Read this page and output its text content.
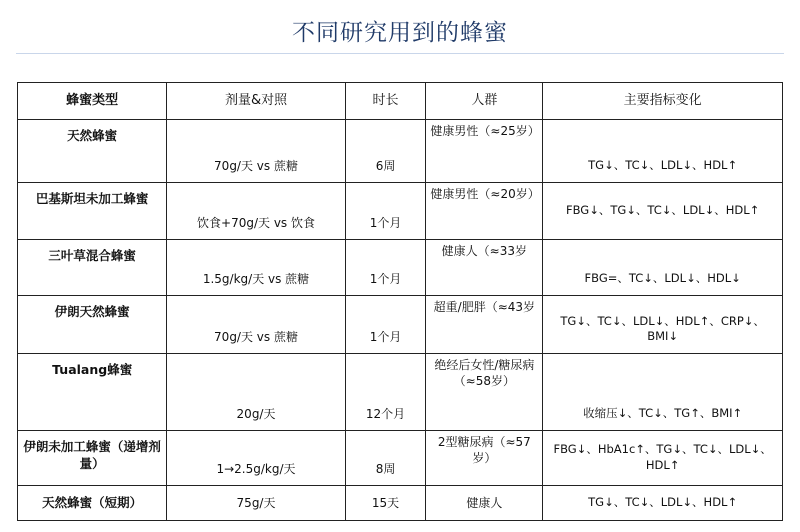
不同研究用到的蜂蜜
蜂蜜类型	剂量&对照	时长	人群	主要指标变化
天然蜂蜜	70g/天 vs 蔗糖	6周	健康男性（≈25岁）	TG↓、TC↓、LDL↓、HDL↑
巴基斯坦未加工蜂蜜	饮食+70g/天 vs 饮食	1个月	健康男性（≈20岁）	FBG↓、TG↓、TC↓、LDL↓、HDL↑
三叶草混合蜂蜜	1.5g/kg/天 vs 蔗糖	1个月	健康人（≈33岁	FBG=、TC↓、LDL↓、HDL↓
伊朗天然蜂蜜	70g/天 vs 蔗糖	1个月	超重/肥胖（≈43岁	TG↓、TC↓、LDL↓、HDL↑、CRP↓、BMI↓
Tualang蜂蜜	20g/天	12个月	绝经后女性/糖尿病（≈58岁）	收缩压↓、TC↓、TG↑、BMI↑
伊朗未加工蜂蜜（递增剂量）	1→2.5g/kg/天	8周	2型糖尿病（≈57岁）	FBG↓、HbA1c↑、TG↓、TC↓、LDL↓、HDL↑
天然蜂蜜（短期）	75g/天	15天	健康人	TG↓、TC↓、LDL↓、HDL↑
